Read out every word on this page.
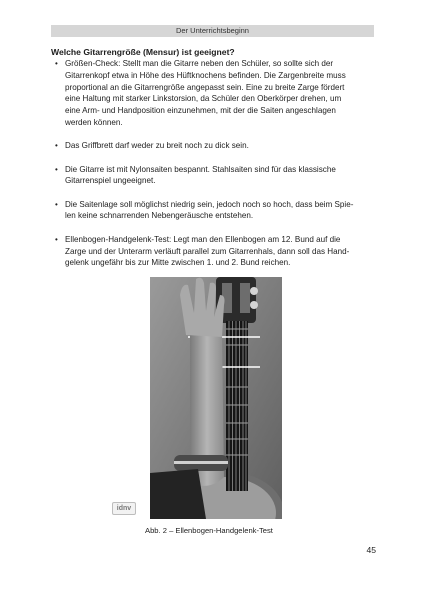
Der Unterrichtsbeginn
Welche Gitarrengröße (Mensur) ist geeignet?
• Größen-Check: Stellt man die Gitarre neben den Schüler, so sollte sich der
Gitarrenkopf etwa in Höhe des Hüftknochens befinden. Die Zargenbreite muss
proportional an die Gitarrengröße angepasst sein. Eine zu breite Zarge fördert
eine Haltung mit starker Linkstorsion, da Schüler den Oberkörper drehen, um
eine Arm- und Handposition einzunehmen, mit der die Saiten angeschlagen
werden können.
• Das Griffbrett darf weder zu breit noch zu dick sein.
• Die Gitarre ist mit Nylonsaiten bespannt. Stahlsaiten sind für das klassische
Gitarrenspiel ungeeignet.
• Die Saitenlage soll möglichst niedrig sein, jedoch noch so hoch, dass beim Spie-
len keine schnarrenden Nebengeräusche entstehen.
• Ellenbogen-Handgelenk-Test: Legt man den Ellenbogen am 12. Bund auf die
Zarge und der Unterarm verläuft parallel zum Gitarrenhals, dann soll das Hand-
gelenk ungefähr bis zur Mitte zwischen 1. und 2. Bund reichen.
idnv
Abb. 2 – Ellenbogen-Handgelenk-Test
45
